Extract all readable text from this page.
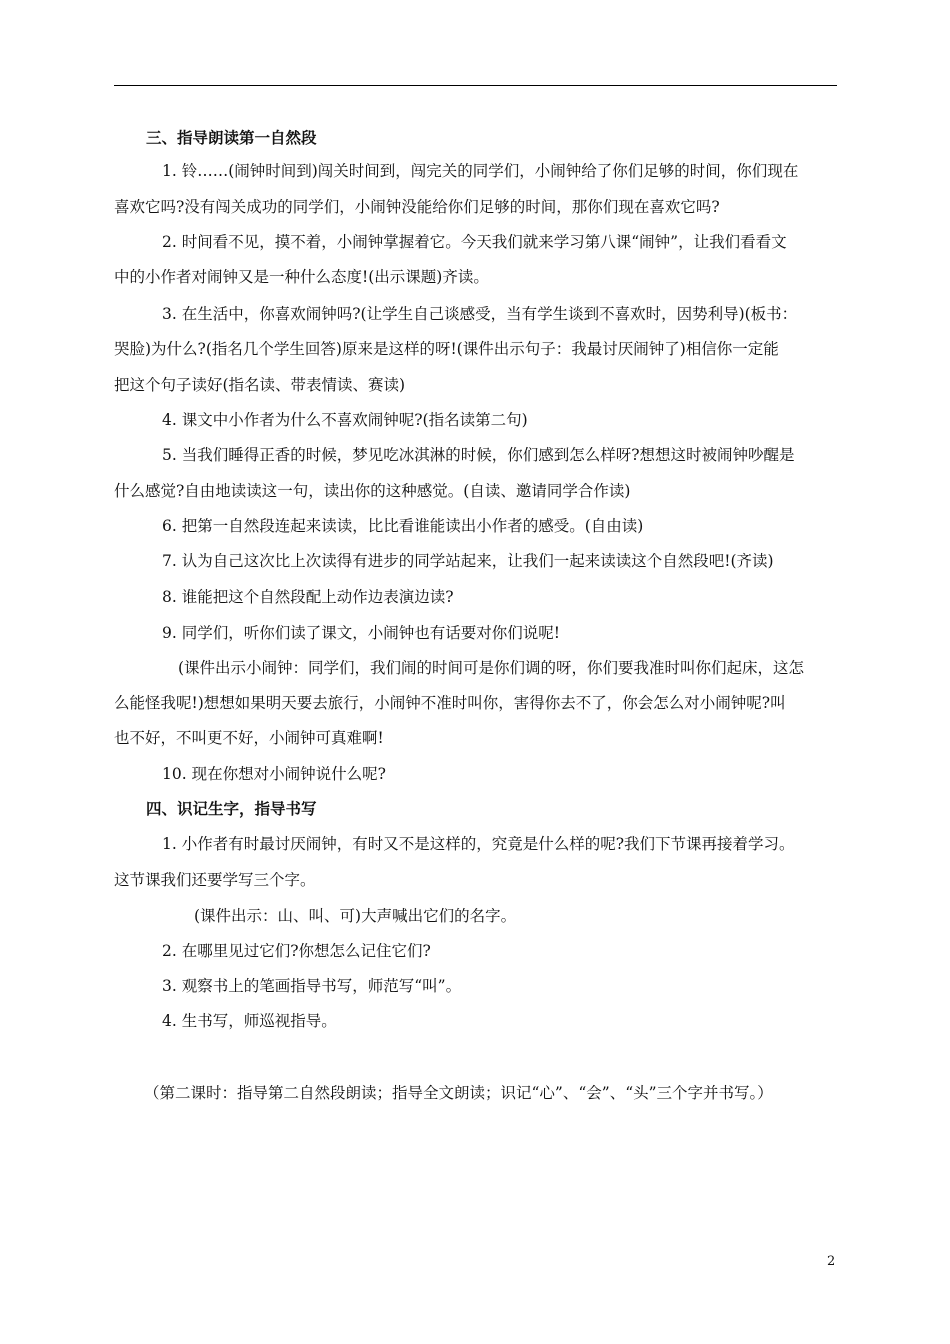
三、指导朗读第一自然段
1. 铃……(闹钟时间到)闯关时间到，闯完关的同学们，小闹钟给了你们足够的时间，你们现在
喜欢它吗?没有闯关成功的同学们，小闹钟没能给你们足够的时间，那你们现在喜欢它吗?
2. 时间看不见，摸不着，小闹钟掌握着它。今天我们就来学习第八课“闹钟”，让我们看看文
中的小作者对闹钟又是一种什么态度!(出示课题)齐读。
3. 在生活中，你喜欢闹钟吗?(让学生自己谈感受，当有学生谈到不喜欢时，因势利导)(板书：
哭脸)为什么?(指名几个学生回答)原来是这样的呀!(课件出示句子：我最讨厌闹钟了)相信你一定能
把这个句子读好(指名读、带表情读、赛读)
4. 课文中小作者为什么不喜欢闹钟呢?(指名读第二句)
5. 当我们睡得正香的时候，梦见吃冰淇淋的时候，你们感到怎么样呀?想想这时被闹钟吵醒是
什么感觉?自由地读读这一句，读出你的这种感觉。(自读、邀请同学合作读)
6. 把第一自然段连起来读读，比比看谁能读出小作者的感受。(自由读)
7. 认为自己这次比上次读得有进步的同学站起来，让我们一起来读读这个自然段吧!(齐读)
8. 谁能把这个自然段配上动作边表演边读?
9. 同学们，听你们读了课文，小闹钟也有话要对你们说呢!
(课件出示小闹钟：同学们，我们闹的时间可是你们调的呀，你们要我准时叫你们起床，这怎
么能怪我呢!)想想如果明天要去旅行，小闹钟不准时叫你，害得你去不了，你会怎么对小闹钟呢?叫
也不好，不叫更不好，小闹钟可真难啊!
10. 现在你想对小闹钟说什么呢?
四、识记生字，指导书写
1. 小作者有时最讨厌闹钟，有时又不是这样的，究竟是什么样的呢?我们下节课再接着学习。
这节课我们还要学写三个字。
(课件出示：山、叫、可)大声喊出它们的名字。
2. 在哪里见过它们?你想怎么记住它们?
3. 观察书上的笔画指导书写，师范写“叫”。
4. 生书写，师巡视指导。
（第二课时：指导第二自然段朗读；指导全文朗读；识记“心”、“会”、“头”三个字并书写。）
2
